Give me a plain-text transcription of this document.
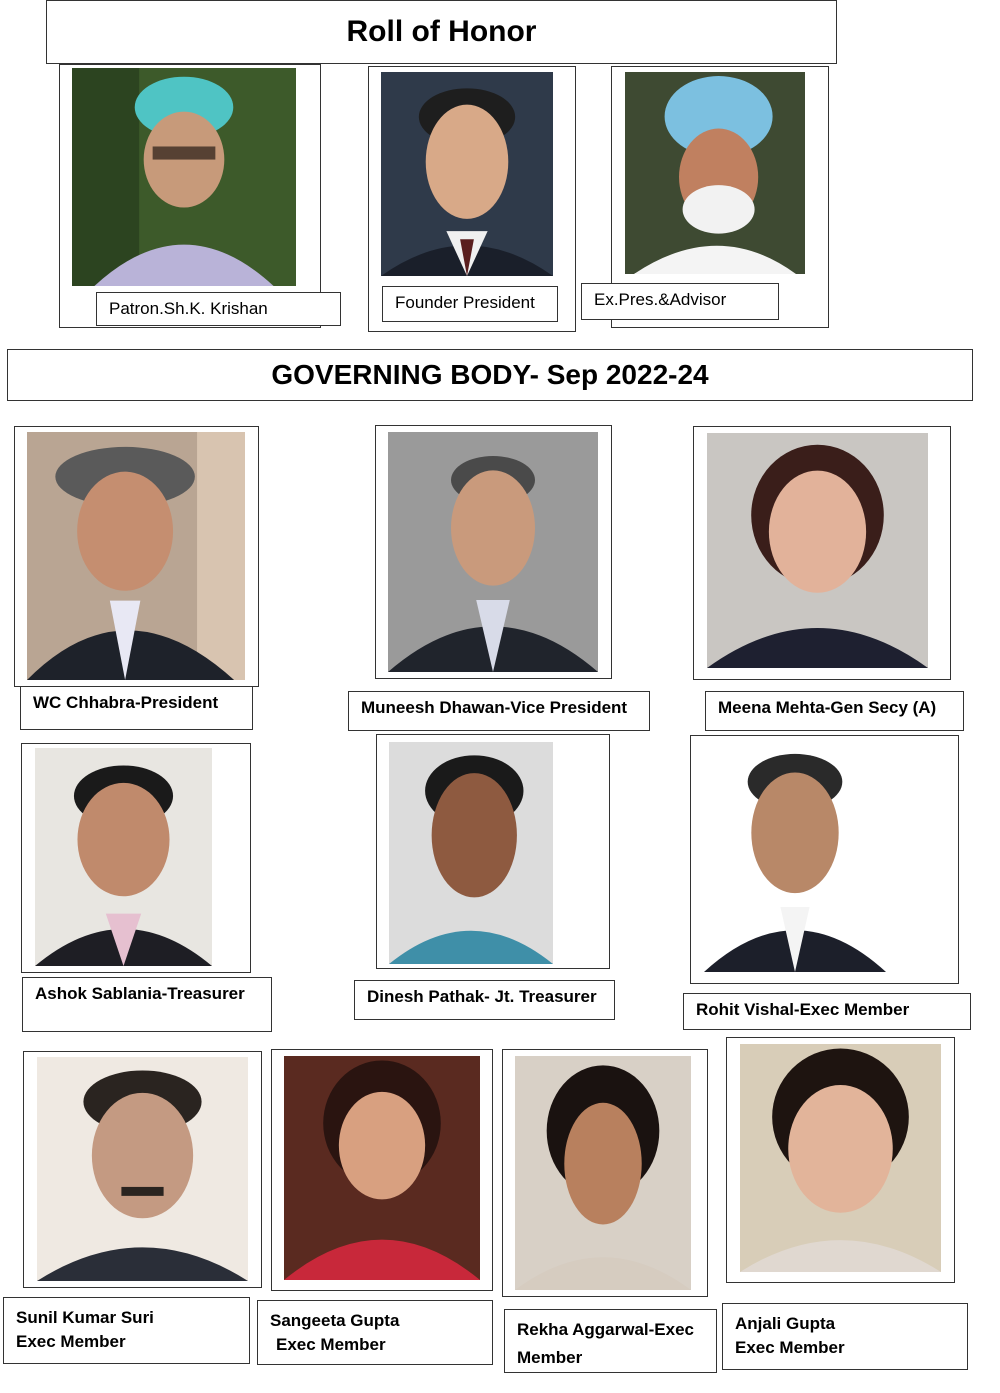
Roll of Honor
Patron.Sh.K. Krishan	Founder President	Ex.Pres.&Advisor
GOVERNING BODY- Sep 2022-24
WC Chhabra-President	Muneesh Dhawan-Vice President	Meena Mehta-Gen Secy (A)
Ashok Sablania-Treasurer	Dinesh Pathak- Jt. Treasurer
Rohit Vishal-Exec Member
Sunil Kumar Suri
Exec Member
Sangeeta Gupta
Exec Member
Rekha Aggarwal-Exec
Member
Anjali Gupta
Exec Member
